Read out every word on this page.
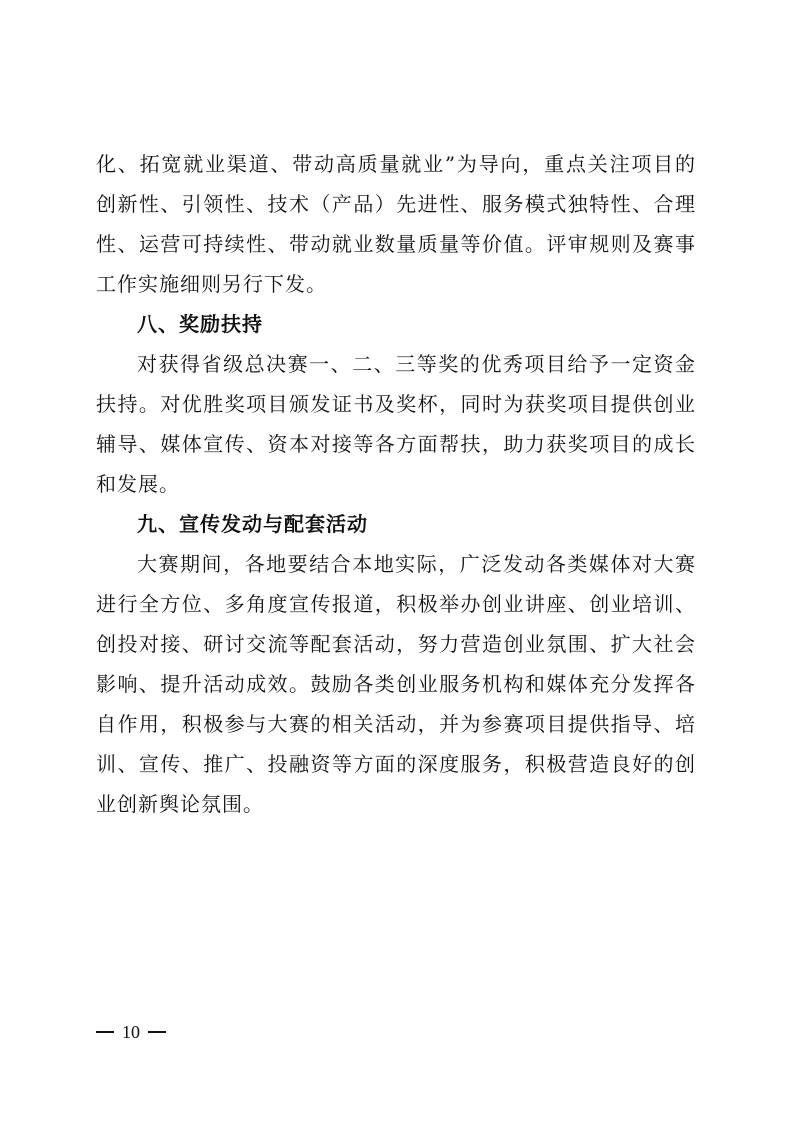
化、拓宽就业渠道、带动高质量就业”为导向，重点关注项目的
创新性、引领性、技术（产品）先进性、服务模式独特性、合理
性、运营可持续性、带动就业数量质量等价值。评审规则及赛事
工作实施细则另行下发。
八、奖励扶持
对获得省级总决赛一、二、三等奖的优秀项目给予一定资金
扶持。对优胜奖项目颁发证书及奖杯，同时为获奖项目提供创业
辅导、媒体宣传、资本对接等各方面帮扶，助力获奖项目的成长
和发展。
九、宣传发动与配套活动
大赛期间，各地要结合本地实际，广泛发动各类媒体对大赛
进行全方位、多角度宣传报道，积极举办创业讲座、创业培训、
创投对接、研讨交流等配套活动，努力营造创业氛围、扩大社会
影响、提升活动成效。鼓励各类创业服务机构和媒体充分发挥各
自作用，积极参与大赛的相关活动，并为参赛项目提供指导、培
训、宣传、推广、投融资等方面的深度服务，积极营造良好的创
业创新舆论氛围。
10
